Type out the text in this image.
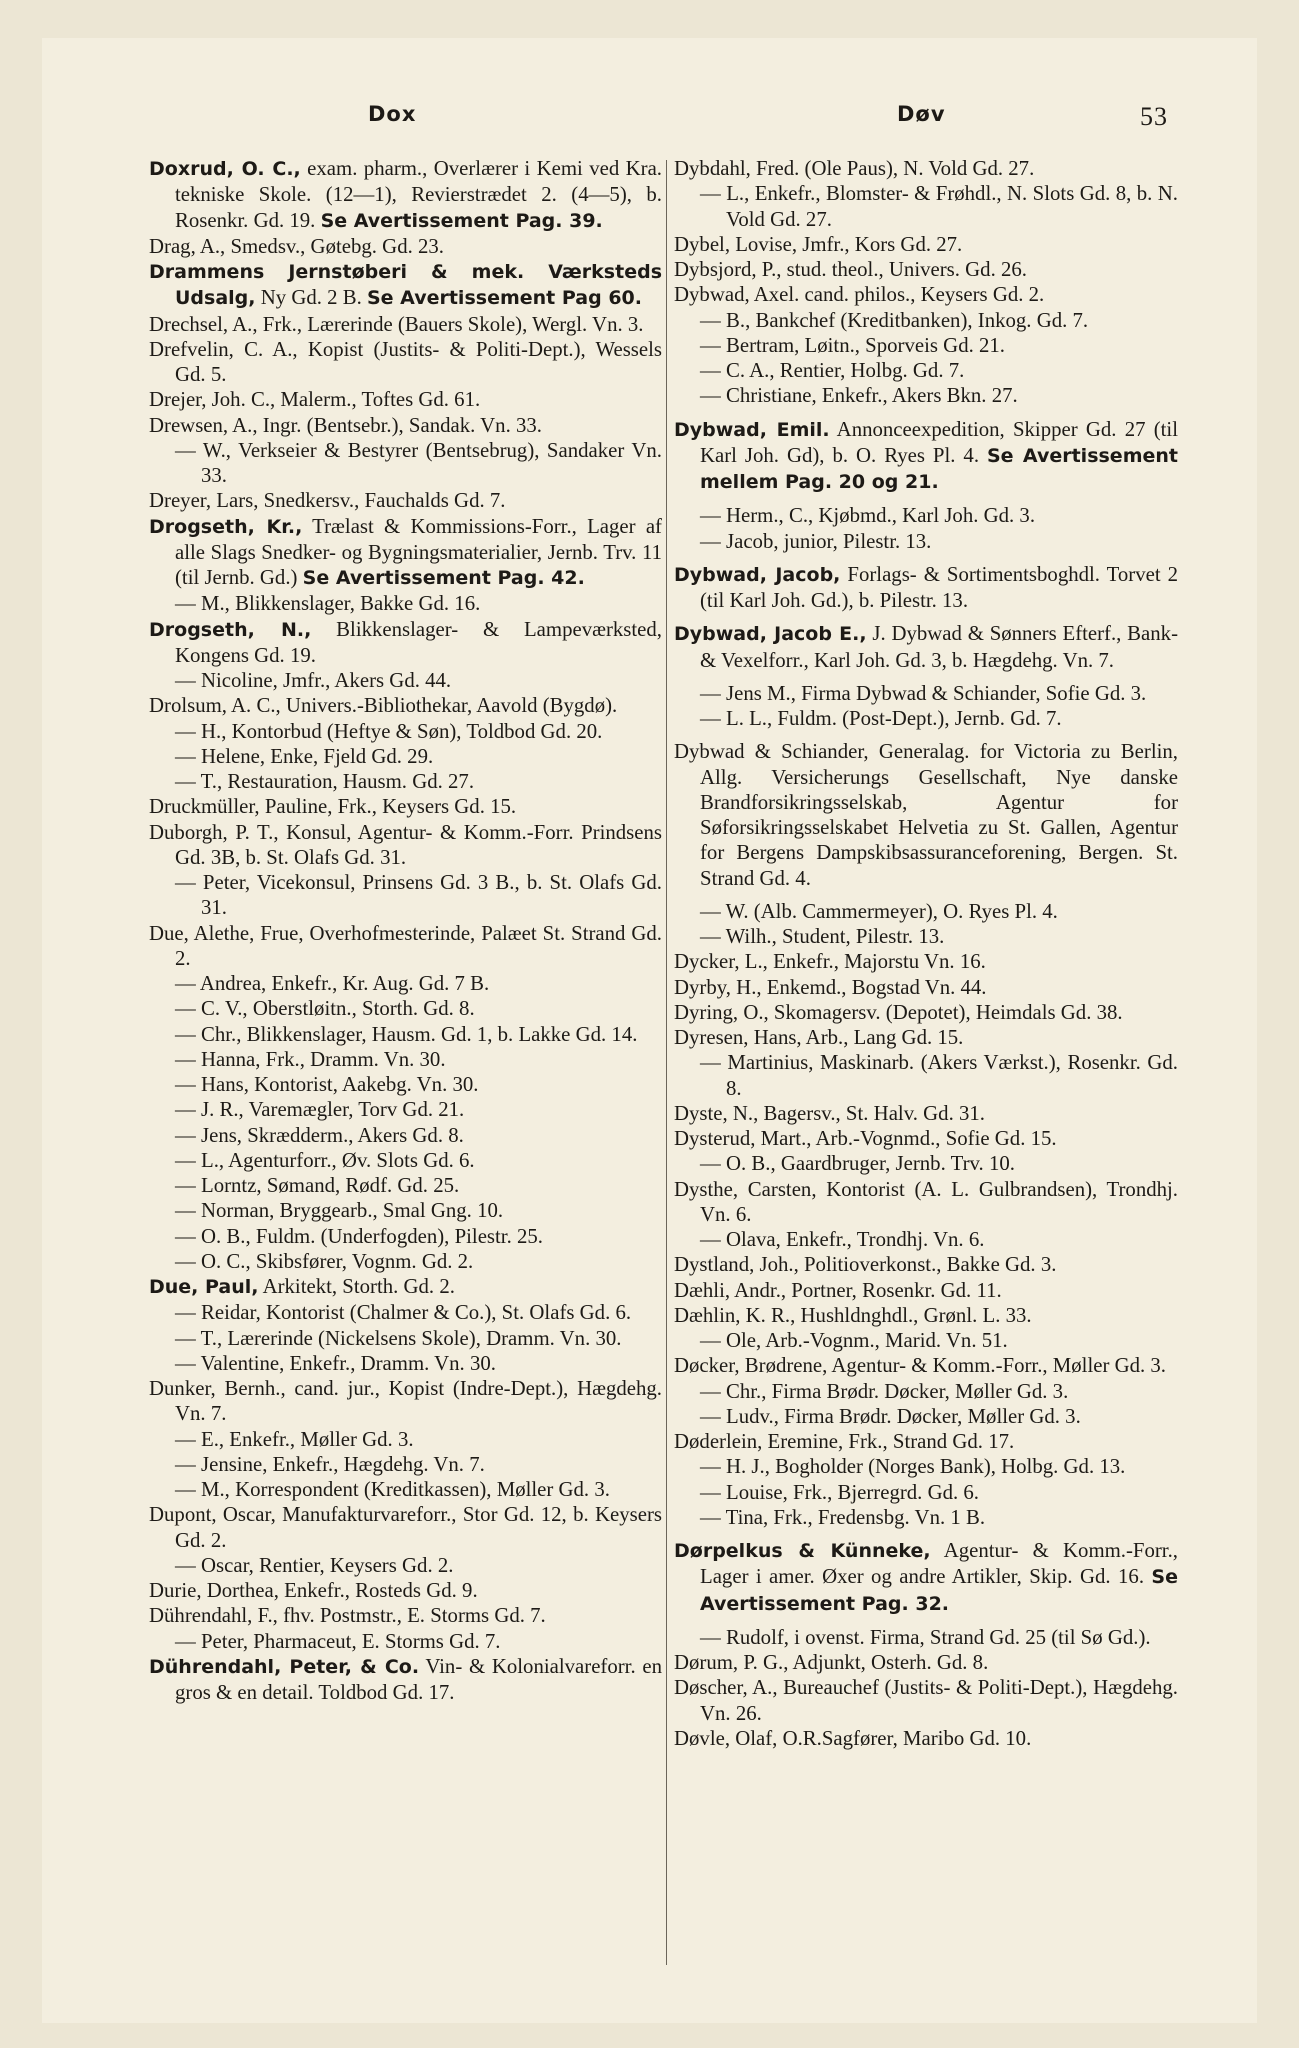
Dox	Døv	53
Doxrud, O. C., exam. pharm., Overlærer i Kemi ved Kra. tekniske Skole. (12—1), Revierstrædet 2. (4—5), b. Rosenkr. Gd. 19. Se Avertissement Pag. 39.
Drag, A., Smedsv., Gøtebg. Gd. 23.
Drammens Jernstøberi & mek. Værksteds Udsalg, Ny Gd. 2 B. Se Avertissement Pag 60.
Drechsel, A., Frk., Lærerinde (Bauers Skole), Wergl. Vn. 3.
Drefvelin, C. A., Kopist (Justits- & Politi-Dept.), Wessels Gd. 5.
Drejer, Joh. C., Malerm., Toftes Gd. 61.
Drewsen, A., Ingr. (Bentsebr.), Sandak. Vn. 33.
— W., Verkseier & Bestyrer (Bentsebrug), Sandaker Vn. 33.
Dreyer, Lars, Snedkersv., Fauchalds Gd. 7.
Drogseth, Kr., Trælast & Kommissions-Forr., Lager af alle Slags Snedker- og Bygningsmaterialier, Jernb. Trv. 11 (til Jernb. Gd.) Se Avertissement Pag. 42.
— M., Blikkenslager, Bakke Gd. 16.
Drogseth, N., Blikkenslager- & Lampeværksted, Kongens Gd. 19.
— Nicoline, Jmfr., Akers Gd. 44.
Drolsum, A. C., Univers.-Bibliothekar, Aavold (Bygdø).
— H., Kontorbud (Heftye & Søn), Toldbod Gd. 20.
— Helene, Enke, Fjeld Gd. 29.
— T., Restauration, Hausm. Gd. 27.
Druckmüller, Pauline, Frk., Keysers Gd. 15.
Duborgh, P. T., Konsul, Agentur- & Komm.-Forr. Prindsens Gd. 3B, b. St. Olafs Gd. 31.
— Peter, Vicekonsul, Prinsens Gd. 3 B., b. St. Olafs Gd. 31.
Due, Alethe, Frue, Overhofmesterinde, Palæet St. Strand Gd. 2.
— Andrea, Enkefr., Kr. Aug. Gd. 7 B.
— C. V., Oberstløitn., Storth. Gd. 8.
— Chr., Blikkenslager, Hausm. Gd. 1, b. Lakke Gd. 14.
— Hanna, Frk., Dramm. Vn. 30.
— Hans, Kontorist, Aakebg. Vn. 30.
— J. R., Varemægler, Torv Gd. 21.
— Jens, Skrædderm., Akers Gd. 8.
— L., Agenturforr., Øv. Slots Gd. 6.
— Lorntz, Sømand, Rødf. Gd. 25.
— Norman, Bryggearb., Smal Gng. 10.
— O. B., Fuldm. (Underfogden), Pilestr. 25.
— O. C., Skibsfører, Vognm. Gd. 2.
Due, Paul, Arkitekt, Storth. Gd. 2.
— Reidar, Kontorist (Chalmer & Co.), St. Olafs Gd. 6.
— T., Lærerinde (Nickelsens Skole), Dramm. Vn. 30.
— Valentine, Enkefr., Dramm. Vn. 30.
Dunker, Bernh., cand. jur., Kopist (Indre-Dept.), Hægdehg. Vn. 7.
— E., Enkefr., Møller Gd. 3.
— Jensine, Enkefr., Hægdehg. Vn. 7.
— M., Korrespondent (Kreditkassen), Møller Gd. 3.
Dupont, Oscar, Manufakturvareforr., Stor Gd. 12, b. Keysers Gd. 2.
— Oscar, Rentier, Keysers Gd. 2.
Durie, Dorthea, Enkefr., Rosteds Gd. 9.
Dührendahl, F., fhv. Postmstr., E. Storms Gd. 7.
— Peter, Pharmaceut, E. Storms Gd. 7.
Dührendahl, Peter, & Co. Vin- & Kolonialvareforr. en gros & en detail. Toldbod Gd. 17.
Dybdahl, Fred. (Ole Paus), N. Vold Gd. 27.
— L., Enkefr., Blomster- & Frøhdl., N. Slots Gd. 8, b. N. Vold Gd. 27.
Dybel, Lovise, Jmfr., Kors Gd. 27.
Dybsjord, P., stud. theol., Univers. Gd. 26.
Dybwad, Axel. cand. philos., Keysers Gd. 2.
— B., Bankchef (Kreditbanken), Inkog. Gd. 7.
— Bertram, Løitn., Sporveis Gd. 21.
— C. A., Rentier, Holbg. Gd. 7.
— Christiane, Enkefr., Akers Bkn. 27.
Dybwad, Emil. Annonceexpedition, Skipper Gd. 27 (til Karl Joh. Gd), b. O. Ryes Pl. 4. Se Avertissement mellem Pag. 20 og 21.
— Herm., C., Kjøbmd., Karl Joh. Gd. 3.
— Jacob, junior, Pilestr. 13.
Dybwad, Jacob, Forlags- & Sortimentsboghdl. Torvet 2 (til Karl Joh. Gd.), b. Pilestr. 13.
Dybwad, Jacob E., J. Dybwad & Sønners Efterf., Bank- & Vexelforr., Karl Joh. Gd. 3, b. Hægdehg. Vn. 7.
— Jens M., Firma Dybwad & Schiander, Sofie Gd. 3.
— L. L., Fuldm. (Post-Dept.), Jernb. Gd. 7.
Dybwad & Schiander, Generalag. for Victoria zu Berlin, Allg. Versicherungs Gesellschaft, Nye danske Brandforsikringsselskab, Agentur for Søforsikringsselskabet Helvetia zu St. Gallen, Agentur for Bergens Dampskibsassuranceforening, Bergen. St. Strand Gd. 4.
— W. (Alb. Cammermeyer), O. Ryes Pl. 4.
— Wilh., Student, Pilestr. 13.
Dycker, L., Enkefr., Majorstu Vn. 16.
Dyrby, H., Enkemd., Bogstad Vn. 44.
Dyring, O., Skomagersv. (Depotet), Heimdals Gd. 38.
Dyresen, Hans, Arb., Lang Gd. 15.
— Martinius, Maskinarb. (Akers Værkst.), Rosenkr. Gd. 8.
Dyste, N., Bagersv., St. Halv. Gd. 31.
Dysterud, Mart., Arb.-Vognmd., Sofie Gd. 15.
— O. B., Gaardbruger, Jernb. Trv. 10.
Dysthe, Carsten, Kontorist (A. L. Gulbrandsen), Trondhj. Vn. 6.
— Olava, Enkefr., Trondhj. Vn. 6.
Dystland, Joh., Politioverkonst., Bakke Gd. 3.
Dæhli, Andr., Portner, Rosenkr. Gd. 11.
Dæhlin, K. R., Hushldnghdl., Grønl. L. 33.
— Ole, Arb.-Vognm., Marid. Vn. 51.
Døcker, Brødrene, Agentur- & Komm.-Forr., Møller Gd. 3.
— Chr., Firma Brødr. Døcker, Møller Gd. 3.
— Ludv., Firma Brødr. Døcker, Møller Gd. 3.
Døderlein, Eremine, Frk., Strand Gd. 17.
— H. J., Bogholder (Norges Bank), Holbg. Gd. 13.
— Louise, Frk., Bjerregrd. Gd. 6.
— Tina, Frk., Fredensbg. Vn. 1 B.
Dørpelkus & Künneke, Agentur- & Komm.-Forr., Lager i amer. Øxer og andre Artikler, Skip. Gd. 16. Se Avertissement Pag. 32.
— Rudolf, i ovenst. Firma, Strand Gd. 25 (til Sø Gd.).
Dørum, P. G., Adjunkt, Osterh. Gd. 8.
Døscher, A., Bureauchef (Justits- & Politi-Dept.), Hægdehg. Vn. 26.
Døvle, Olaf, O.R.Sagfører, Maribo Gd. 10.
